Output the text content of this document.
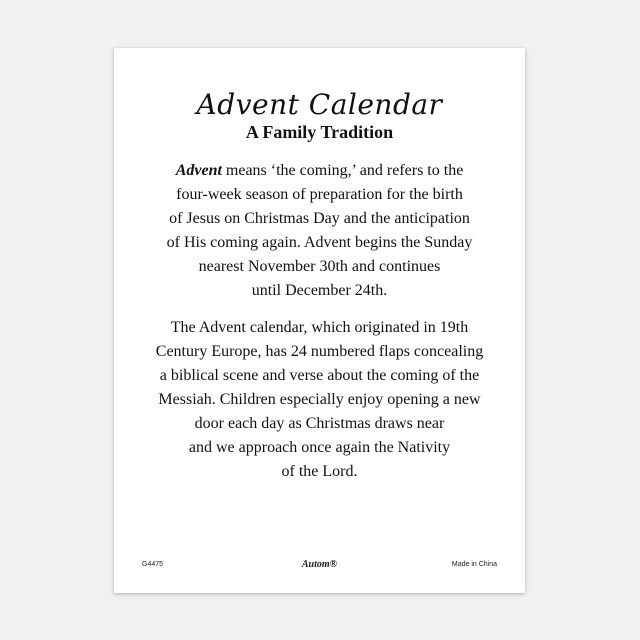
Advent Calendar
A Family Tradition
Advent means ‘the coming,’ and refers to the
four-week season of preparation for the birth
of Jesus on Christmas Day and the anticipation
of His coming again. Advent begins the Sunday
nearest November 30th and continues
until December 24th.
The Advent calendar, which originated in 19th
Century Europe, has 24 numbered flaps concealing
a biblical scene and verse about the coming of the
Messiah. Children especially enjoy opening a new
door each day as Christmas draws near
and we approach once again the Nativity
of the Lord.
G4475	Autom®	Made in China
